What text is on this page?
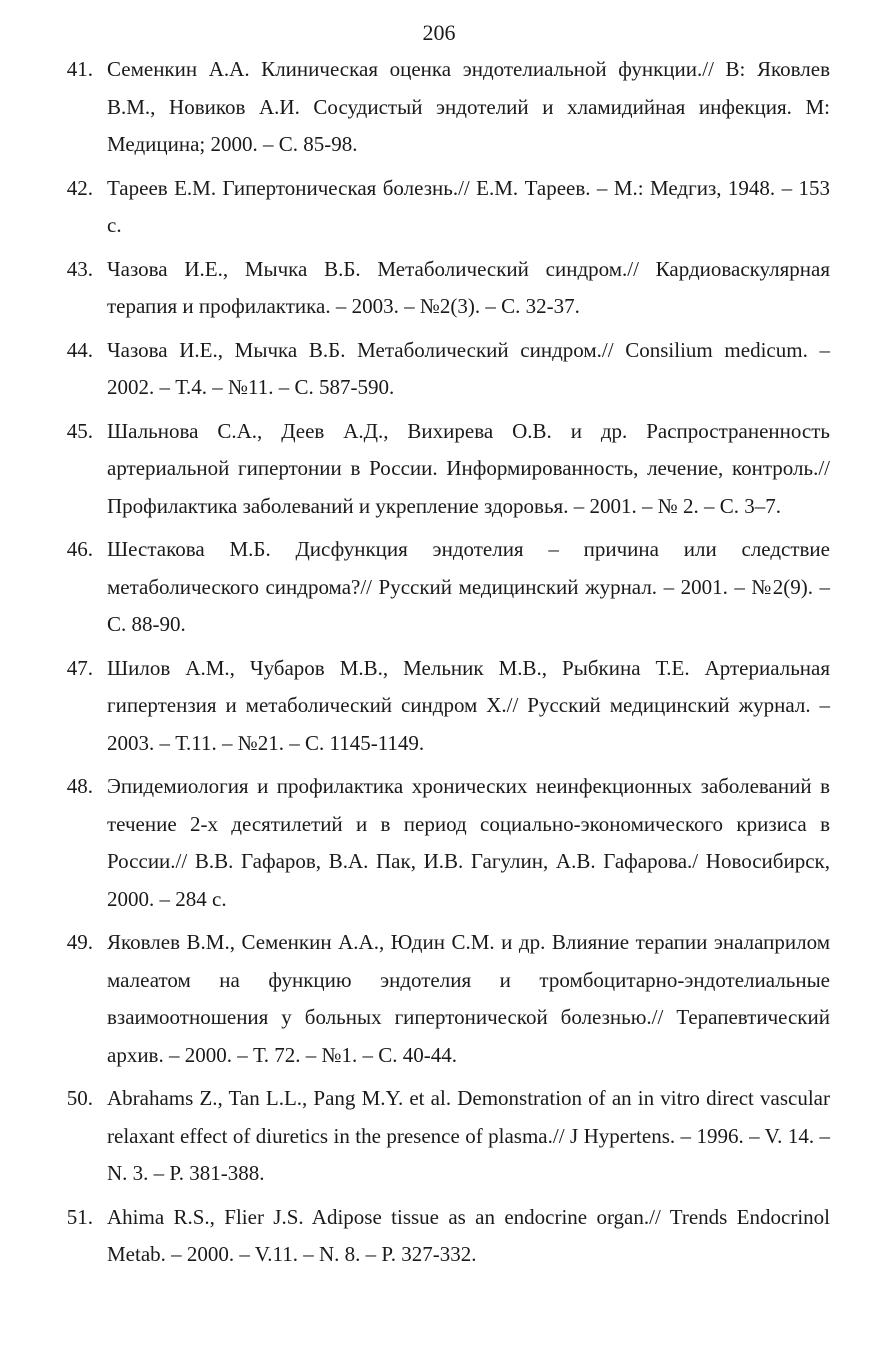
206
41. Семенкин А.А. Клиническая оценка эндотелиальной функции.// В: Яковлев В.М., Новиков А.И. Сосудистый эндотелий и хламидийная инфекция. М: Медицина; 2000. – С. 85-98.
42. Тареев Е.М. Гипертоническая болезнь.// Е.М. Тареев. – М.: Медгиз, 1948. – 153 с.
43. Чазова И.Е., Мычка В.Б. Метаболический синдром.// Кардиоваскулярная терапия и профилактика. – 2003. – №2(3). – С. 32-37.
44. Чазова И.Е., Мычка В.Б. Метаболический синдром.// Consilium medicum. – 2002. – Т.4. – №11. – С. 587-590.
45. Шальнова С.А., Деев А.Д., Вихирева О.В. и др. Распространенность артериальной гипертонии в России. Информированность, лечение, контроль.// Профилактика заболеваний и укрепление здоровья. – 2001. – № 2. – С. 3–7.
46. Шестакова М.Б. Дисфункция эндотелия – причина или следствие метаболического синдрома?// Русский медицинский журнал. – 2001. – №2(9). – С. 88-90.
47. Шилов А.М., Чубаров М.В., Мельник М.В., Рыбкина Т.Е. Артериальная гипертензия и метаболический синдром Х.// Русский медицинский журнал. – 2003. – Т.11. – №21. – С. 1145-1149.
48. Эпидемиология и профилактика хронических неинфекционных заболеваний в течение 2-х десятилетий и в период социально-экономического кризиса в России.// В.В. Гафаров, В.А. Пак, И.В. Гагулин, А.В. Гафарова./ Новосибирск, 2000. – 284 с.
49. Яковлев В.М., Семенкин А.А., Юдин С.М. и др. Влияние терапии эналаприлом малеатом на функцию эндотелия и тромбоцитарно-эндотелиальные взаимоотношения у больных гипертонической болезнью.// Терапевтический архив. – 2000. – Т. 72. – №1. – С. 40-44.
50. Abrahams Z., Tan L.L., Pang M.Y. et al. Demonstration of an in vitro direct vascular relaxant effect of diuretics in the presence of plasma.// J Hypertens. – 1996. – V. 14. – N. 3. – P. 381-388.
51. Ahima R.S., Flier J.S. Adipose tissue as an endocrine organ.// Trends Endocrinol Metab. – 2000. – V.11. – N. 8. – P. 327-332.
